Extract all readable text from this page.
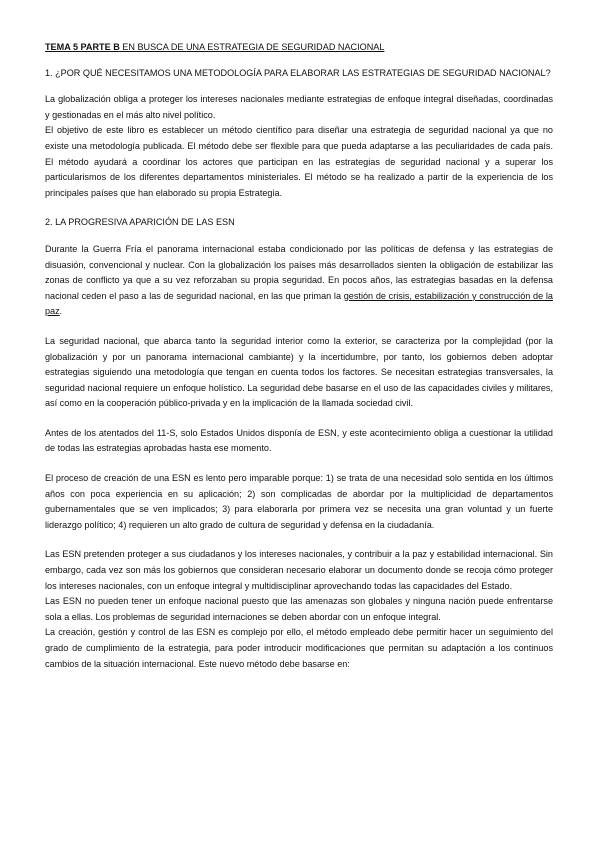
TEMA 5 PARTE B EN BUSCA DE UNA ESTRATEGIA DE SEGURIDAD NACIONAL
1. ¿POR QUÉ NECESITAMOS UNA METODOLOGÍA PARA ELABORAR LAS ESTRATEGIAS DE SEGURIDAD NACIONAL?

La globalización obliga a proteger los intereses nacionales mediante estrategias de enfoque integral diseñadas, coordinadas y gestionadas en el más alto nivel político.

El objetivo de este libro es establecer un método científico para diseñar una estrategia de seguridad nacional ya que no existe una metodología publicada. El método debe ser flexible para que pueda adaptarse a las peculiaridades de cada país. El método ayudará a coordinar los actores que participan en las estrategias de seguridad nacional y a superar los particularismos de los diferentes departamentos ministeriales. El método se ha realizado a partir de la experiencia de los principales países que han elaborado su propia Estrategia.

2. LA PROGRESIVA APARICIÓN DE LAS ESN

Durante la Guerra Fría el panorama internacional estaba condicionado por las políticas de defensa y las estrategias de disuasión, convencional y nuclear. Con la globalización los países más desarrollados sienten la obligación de estabilizar las zonas de conflicto ya que a su vez reforzaban su propia seguridad. En pocos años, las estrategias basadas en la defensa nacional ceden el paso a las de seguridad nacional, en las que priman la gestión de crisis, estabilización y construcción de la paz.

La seguridad nacional, que abarca tanto la seguridad interior como la exterior, se caracteriza por la complejidad (por la globalización y por un panorama internacional cambiante) y la incertidumbre, por tanto, los gobiernos deben adoptar estrategias siguiendo una metodología que tengan en cuenta todos los factores. Se necesitan estrategias transversales, la seguridad nacional requiere un enfoque holístico. La seguridad debe basarse en el uso de las capacidades civiles y militares, así como en la cooperación público-privada y en la implicación de la llamada sociedad civil.

Antes de los atentados del 11-S, solo Estados Unidos disponía de ESN, y este acontecimiento obliga a cuestionar la utilidad de todas las estrategias aprobadas hasta ese momento.

El proceso de creación de una ESN es lento pero imparable porque: 1) se trata de una necesidad solo sentida en los últimos años con poca experiencia en su aplicación; 2) son complicadas de abordar por la multiplicidad de departamentos gubernamentales que se ven implicados; 3) para elaborarla por primera vez se necesita una gran voluntad y un fuerte liderazgo político; 4) requieren un alto grado de cultura de seguridad y defensa en la ciudadanía.

Las ESN pretenden proteger a sus ciudadanos y los intereses nacionales, y contribuir a la paz y estabilidad internacional. Sin embargo, cada vez son más los gobiernos que consideran necesario elaborar un documento donde se recoja cómo proteger los intereses nacionales, con un enfoque integral y multidisciplinar aprovechando todas las capacidades del Estado.

Las ESN no pueden tener un enfoque nacional puesto que las amenazas son globales y ninguna nación puede enfrentarse sola a ellas. Los problemas de seguridad internaciones se deben abordar con un enfoque integral.

La creación, gestión y control de las ESN es complejo por ello, el método empleado debe permitir hacer un seguimiento del grado de cumplimiento de la estrategia, para poder introducir modificaciones que permitan su adaptación a los continuos cambios de la situación internacional. Este nuevo método debe basarse en:
